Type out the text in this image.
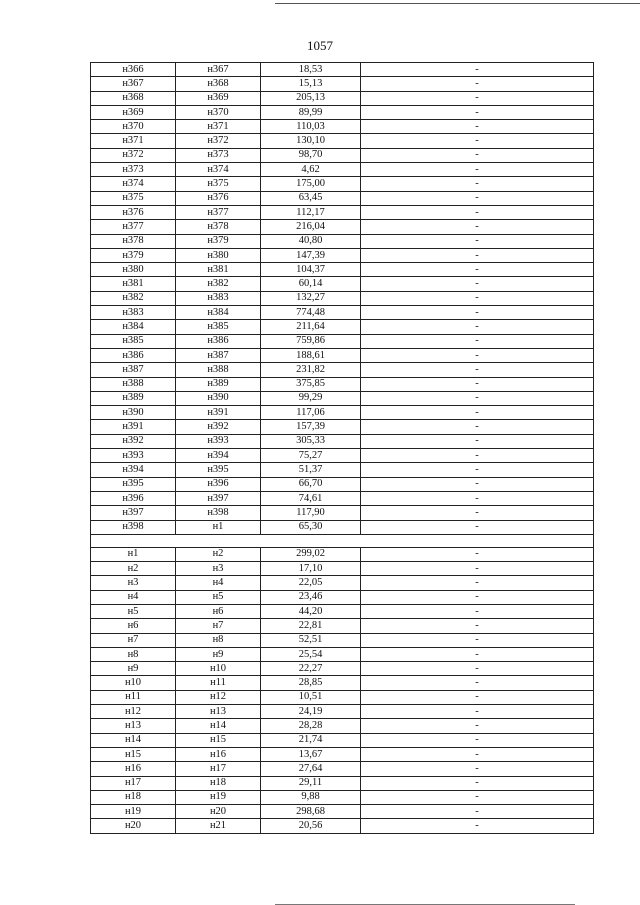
1057
н366	н367	18,53	-
н367	н368	15,13	-
н368	н369	205,13	-
н369	н370	89,99	-
н370	н371	110,03	-
н371	н372	130,10	-
н372	н373	98,70	-
н373	н374	4,62	-
н374	н375	175,00	-
н375	н376	63,45	-
н376	н377	112,17	-
н377	н378	216,04	-
н378	н379	40,80	-
н379	н380	147,39	-
н380	н381	104,37	-
н381	н382	60,14	-
н382	н383	132,27	-
н383	н384	774,48	-
н384	н385	211,64	-
н385	н386	759,86	-
н386	н387	188,61	-
н387	н388	231,82	-
н388	н389	375,85	-
н389	н390	99,29	-
н390	н391	117,06	-
н391	н392	157,39	-
н392	н393	305,33	-
н393	н394	75,27	-
н394	н395	51,37	-
н395	н396	66,70	-
н396	н397	74,61	-
н397	н398	117,90	-
н398	н1	65,30	-

н1	н2	299,02	-
н2	н3	17,10	-
н3	н4	22,05	-
н4	н5	23,46	-
н5	н6	44,20	-
н6	н7	22,81	-
н7	н8	52,51	-
н8	н9	25,54	-
н9	н10	22,27	-
н10	н11	28,85	-
н11	н12	10,51	-
н12	н13	24,19	-
н13	н14	28,28	-
н14	н15	21,74	-
н15	н16	13,67	-
н16	н17	27,64	-
н17	н18	29,11	-
н18	н19	9,88	-
н19	н20	298,68	-
н20	н21	20,56	-
